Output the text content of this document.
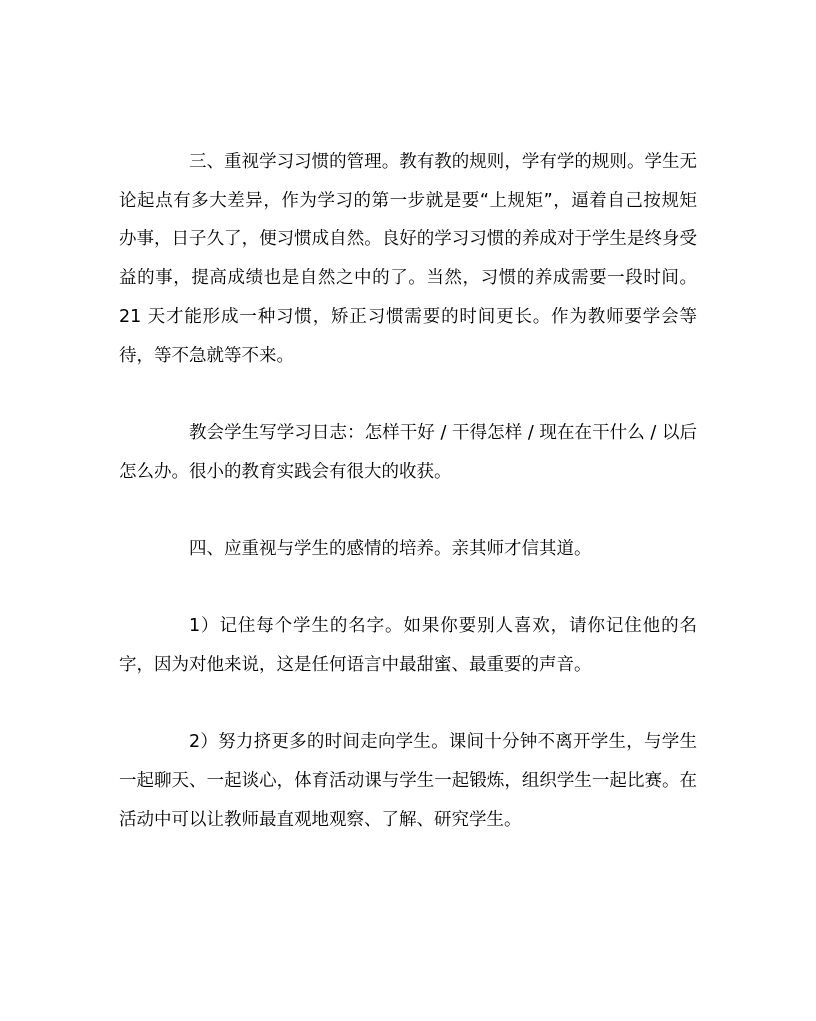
三、重视学习习惯的管理。教有教的规则，学有学的规则。学生无论起点有多大差异，作为学习的第一步就是要“上规矩”，逼着自己按规矩办事，日子久了，便习惯成自然。良好的学习习惯的养成对于学生是终身受益的事，提高成绩也是自然之中的了。当然，习惯的养成需要一段时间。21 天才能形成一种习惯，矫正习惯需要的时间更长。作为教师要学会等待，等不急就等不来。

教会学生写学习日志：怎样干好 / 干得怎样 / 现在在干什么 / 以后怎么办。很小的教育实践会有很大的收获。

四、应重视与学生的感情的培养。亲其师才信其道。

1）记住每个学生的名字。如果你要别人喜欢，请你记住他的名字，因为对他来说，这是任何语言中最甜蜜、最重要的声音。

2）努力挤更多的时间走向学生。课间十分钟不离开学生，与学生一起聊天、一起谈心，体育活动课与学生一起锻炼，组织学生一起比赛。在活动中可以让教师最直观地观察、了解、研究学生。
